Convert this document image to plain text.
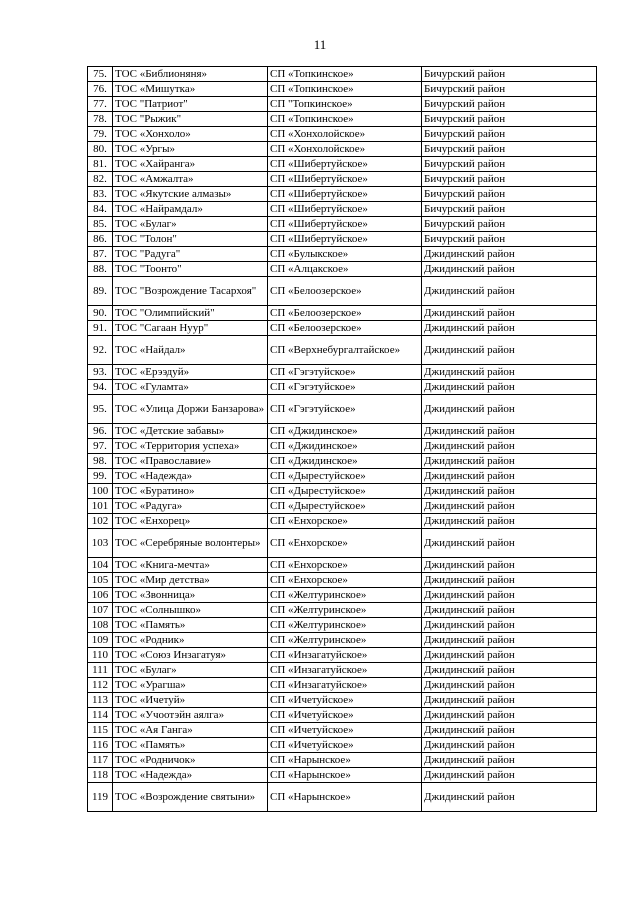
11
75.	ТОС «Библионяня»	СП «Топкинское»	Бичурский район
76.	ТОС «Мишутка»	СП «Топкинское»	Бичурский район
77.	ТОС "Патриот"	СП "Топкинское»	Бичурский район
78.	ТОС "Рыжик"	СП «Топкинское»	Бичурский район
79.	ТОС «Хонхоло»	СП «Хонхолойское»	Бичурский район
80.	ТОС «Ургы»	СП «Хонхолойское»	Бичурский район
81.	ТОС «Хайранга»	СП «Шибертуйское»	Бичурский район
82.	ТОС «Амжалта»	СП «Шибертуйское»	Бичурский район
83.	ТОС «Якутские алмазы»	СП «Шибертуйское»	Бичурский район
84.	ТОС «Найрамдал»	СП «Шибертуйское»	Бичурский район
85.	ТОС «Булаг»	СП «Шибертуйское»	Бичурский район
86.	ТОС "Толон"	СП «Шибертуйское»	Бичурский район
87.	ТОС "Радуга"	СП «Булыкское»	Джидинский район
88.	ТОС "Тоонто"	СП «Алцакское»	Джидинский район
89.	ТОС "Возрождение Тасархоя"	СП «Белоозерское»	Джидинский район
90.	ТОС "Олимпийский"	СП «Белоозерское»	Джидинский район
91.	ТОС "Сагаан Нуур"	СП «Белоозерское»	Джидинский район
92.	ТОС «Найдал»	СП «Верхнебургалтайское»	Джидинский район
93.	ТОС «Ерээдуй»	СП «Гэгэтуйское»	Джидинский район
94.	ТОС «Гуламта»	СП «Гэгэтуйское»	Джидинский район
95.	ТОС «Улица Доржи Банзарова»	СП «Гэгэтуйское»	Джидинский район
96.	ТОС «Детские забавы»	СП «Джидинское»	Джидинский район
97.	ТОС «Территория успеха»	СП «Джидинское»	Джидинский район
98.	ТОС «Православие»	СП «Джидинское»	Джидинский район
99.	ТОС «Надежда»	СП «Дырестуйское»	Джидинский район
100	ТОС «Буратино»	СП «Дырестуйское»	Джидинский район
101	ТОС «Радуга»	СП «Дырестуйское»	Джидинский район
102	ТОС «Енхорец»	СП «Енхорское»	Джидинский район
103	ТОС «Серебряные волонтеры»	СП «Енхорское»	Джидинский район
104	ТОС «Книга-мечта»	СП «Енхорское»	Джидинский район
105	ТОС «Мир детства»	СП «Енхорское»	Джидинский район
106	ТОС «Звонница»	СП «Желтуринское»	Джидинский район
107	ТОС «Солнышко»	СП «Желтуринское»	Джидинский район
108	ТОС «Память»	СП «Желтуринское»	Джидинский район
109	ТОС «Родник»	СП «Желтуринское»	Джидинский район
110	ТОС «Союз Инзагатуя»	СП «Инзагатуйское»	Джидинский район
111	ТОС «Булаг»	СП «Инзагатуйское»	Джидинский район
112	ТОС «Урагша»	СП «Инзагатуйское»	Джидинский район
113	ТОС «Ичетуй»	СП «Ичетуйское»	Джидинский район
114	ТОС «Учоотэйн аялга»	СП «Ичетуйское»	Джидинский район
115	ТОС «Ая Ганга»	СП «Ичетуйское»	Джидинский район
116	ТОС «Память»	СП «Ичетуйское»	Джидинский район
117	ТОС «Родничок»	СП «Нарынское»	Джидинский район
118	ТОС «Надежда»	СП «Нарынское»	Джидинский район
119	ТОС «Возрождение святыни»	СП «Нарынское»	Джидинский район
